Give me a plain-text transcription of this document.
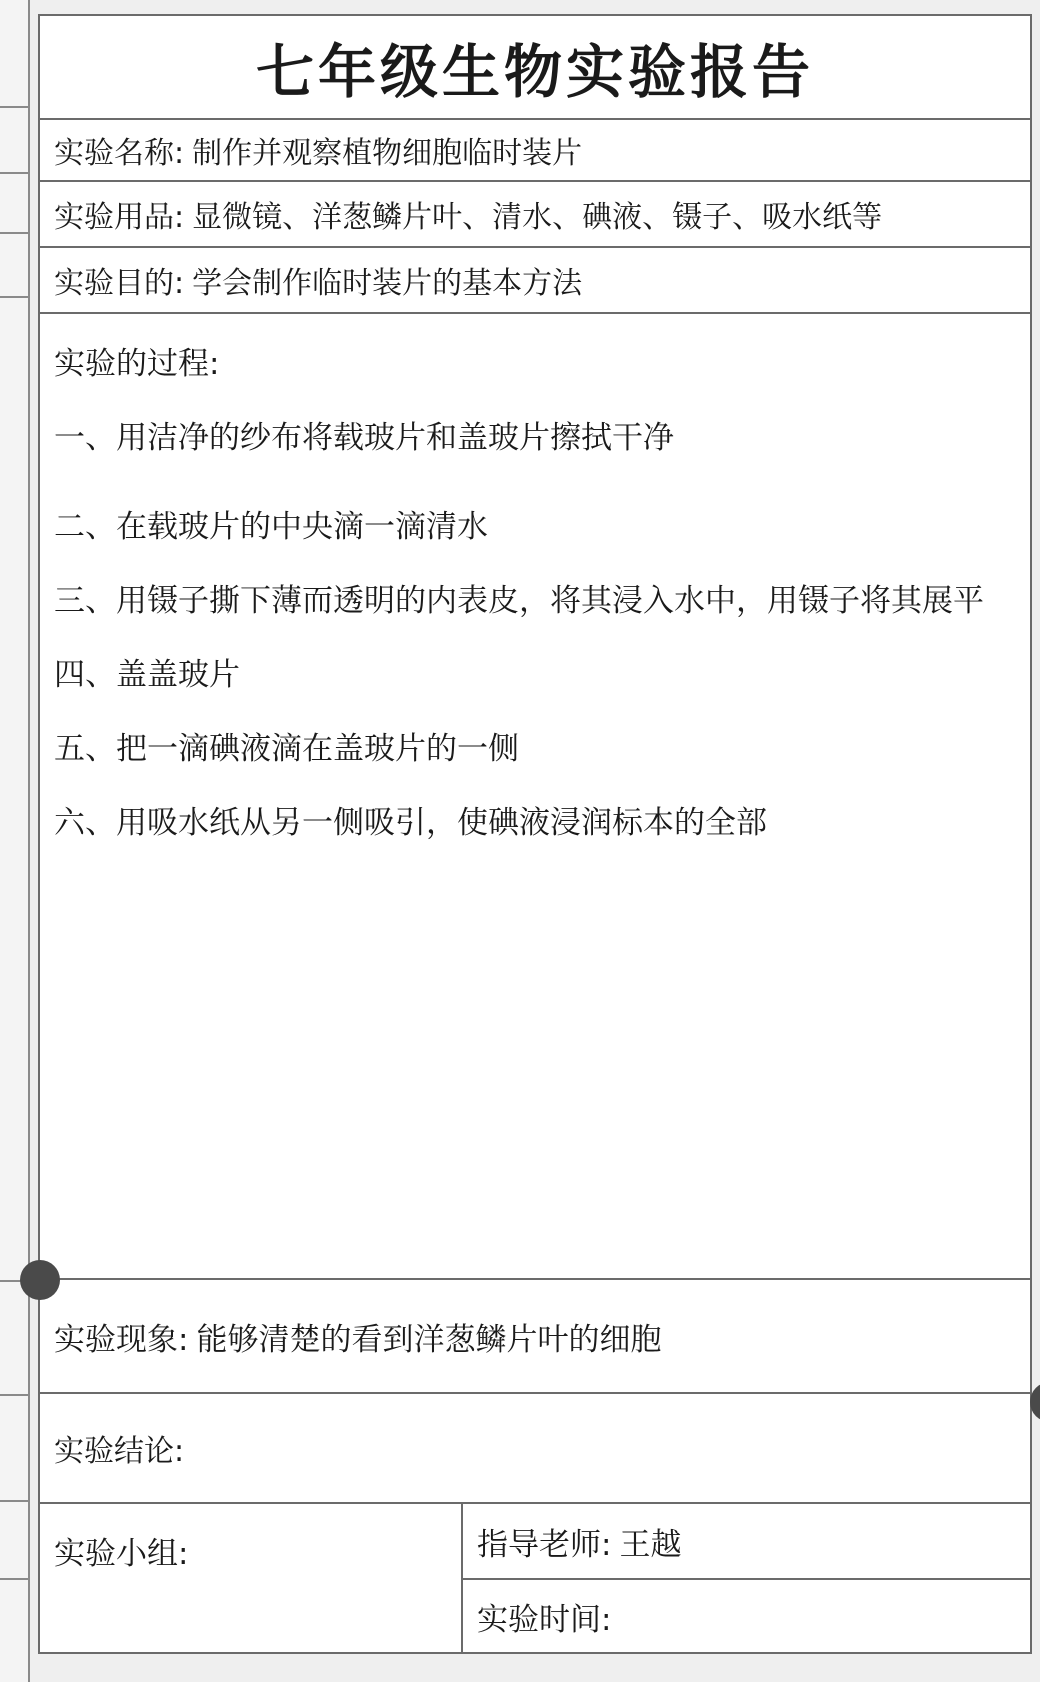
七年级生物实验报告
实验名称: 制作并观察植物细胞临时装片
实验用品: 显微镜、洋葱鳞片叶、清水、碘液、镊子、吸水纸等
实验目的: 学会制作临时装片的基本方法
实验的过程:
一、用洁净的纱布将载玻片和盖玻片擦拭干净
二、在载玻片的中央滴一滴清水
三、用镊子撕下薄而透明的内表皮，将其浸入水中，用镊子将其展平
四、盖盖玻片
五、把一滴碘液滴在盖玻片的一侧
六、用吸水纸从另一侧吸引，使碘液浸润标本的全部
实验现象: 能够清楚的看到洋葱鳞片叶的细胞
实验结论:
实验小组:	指导老师: 王越
实验时间:
